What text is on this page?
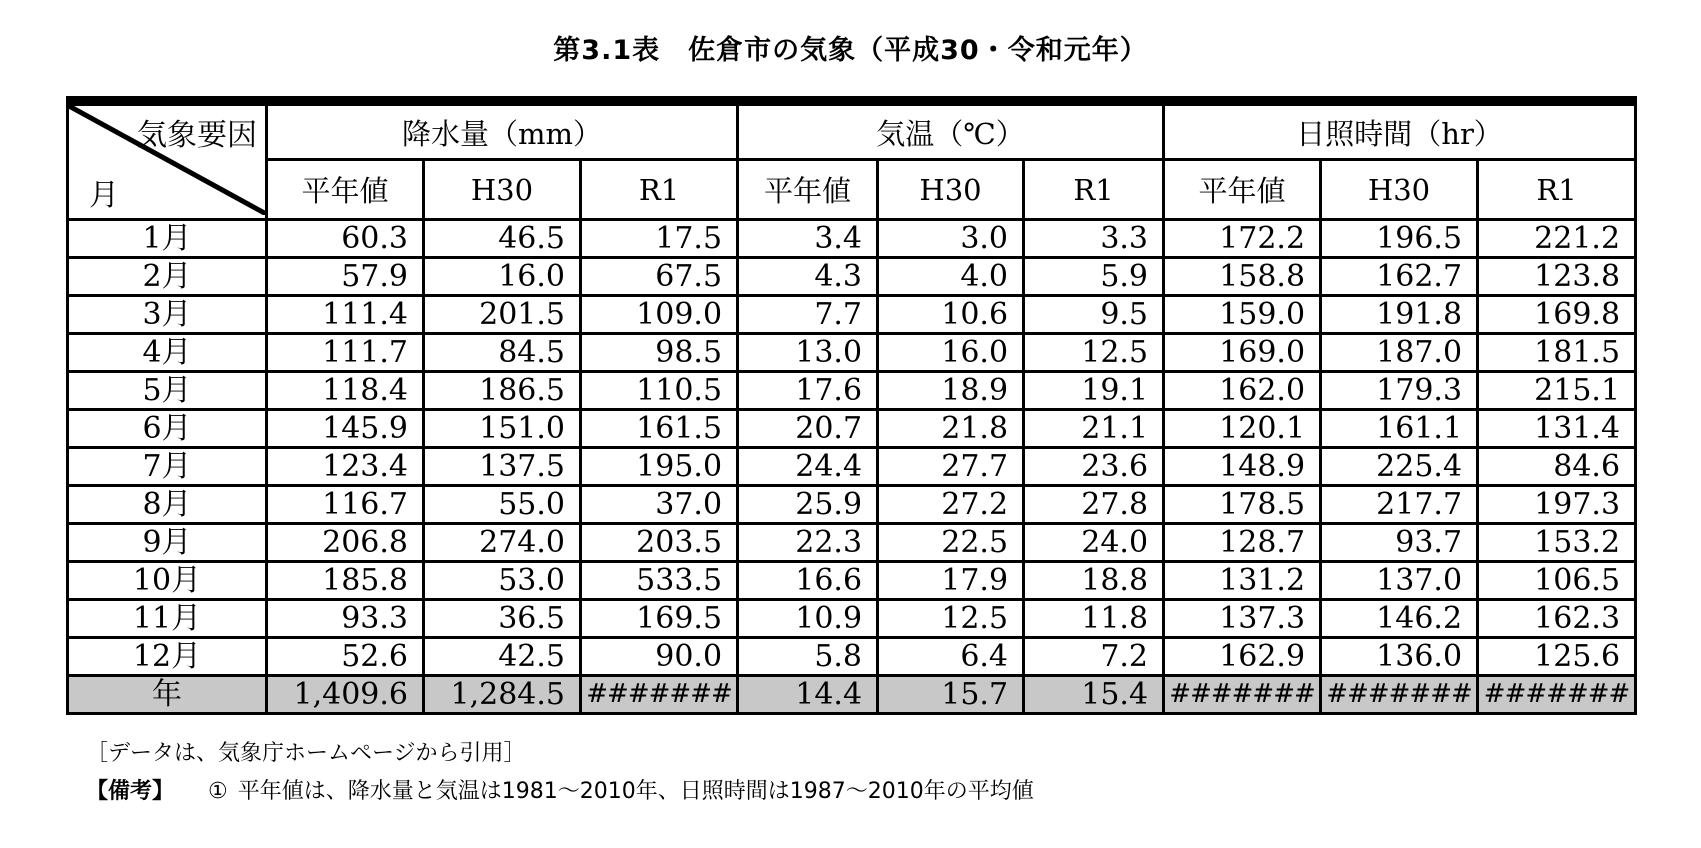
第3.1表　佐倉市の気象（平成30・令和元年）
気象要因
月	降水量（mm）			気温（℃）			日照時間（hr）		
	平年値	H30	R1	平年値	H30	R1	平年値	H30	R1
1月	60.3	46.5	17.5	3.4	3.0	3.3	172.2	196.5	221.2
2月	57.9	16.0	67.5	4.3	4.0	5.9	158.8	162.7	123.8
3月	111.4	201.5	109.0	7.7	10.6	9.5	159.0	191.8	169.8
4月	111.7	84.5	98.5	13.0	16.0	12.5	169.0	187.0	181.5
5月	118.4	186.5	110.5	17.6	18.9	19.1	162.0	179.3	215.1
6月	145.9	151.0	161.5	20.7	21.8	21.1	120.1	161.1	131.4
7月	123.4	137.5	195.0	24.4	27.7	23.6	148.9	225.4	84.6
8月	116.7	55.0	37.0	25.9	27.2	27.8	178.5	217.7	197.3
9月	206.8	274.0	203.5	22.3	22.5	24.0	128.7	93.7	153.2
10月	185.8	53.0	533.5	16.6	17.9	18.8	131.2	137.0	106.5
11月	93.3	36.5	169.5	10.9	12.5	11.8	137.3	146.2	162.3
12月	52.6	42.5	90.0	5.8	6.4	7.2	162.9	136.0	125.6
年	1,409.6	1,284.5	#######	14.4	15.7	15.4	#######	#######	#######
［データは、気象庁ホームページから引用］
【備考】 ① 平年値は、降水量と気温は1981～2010年、日照時間は1987～2010年の平均値
